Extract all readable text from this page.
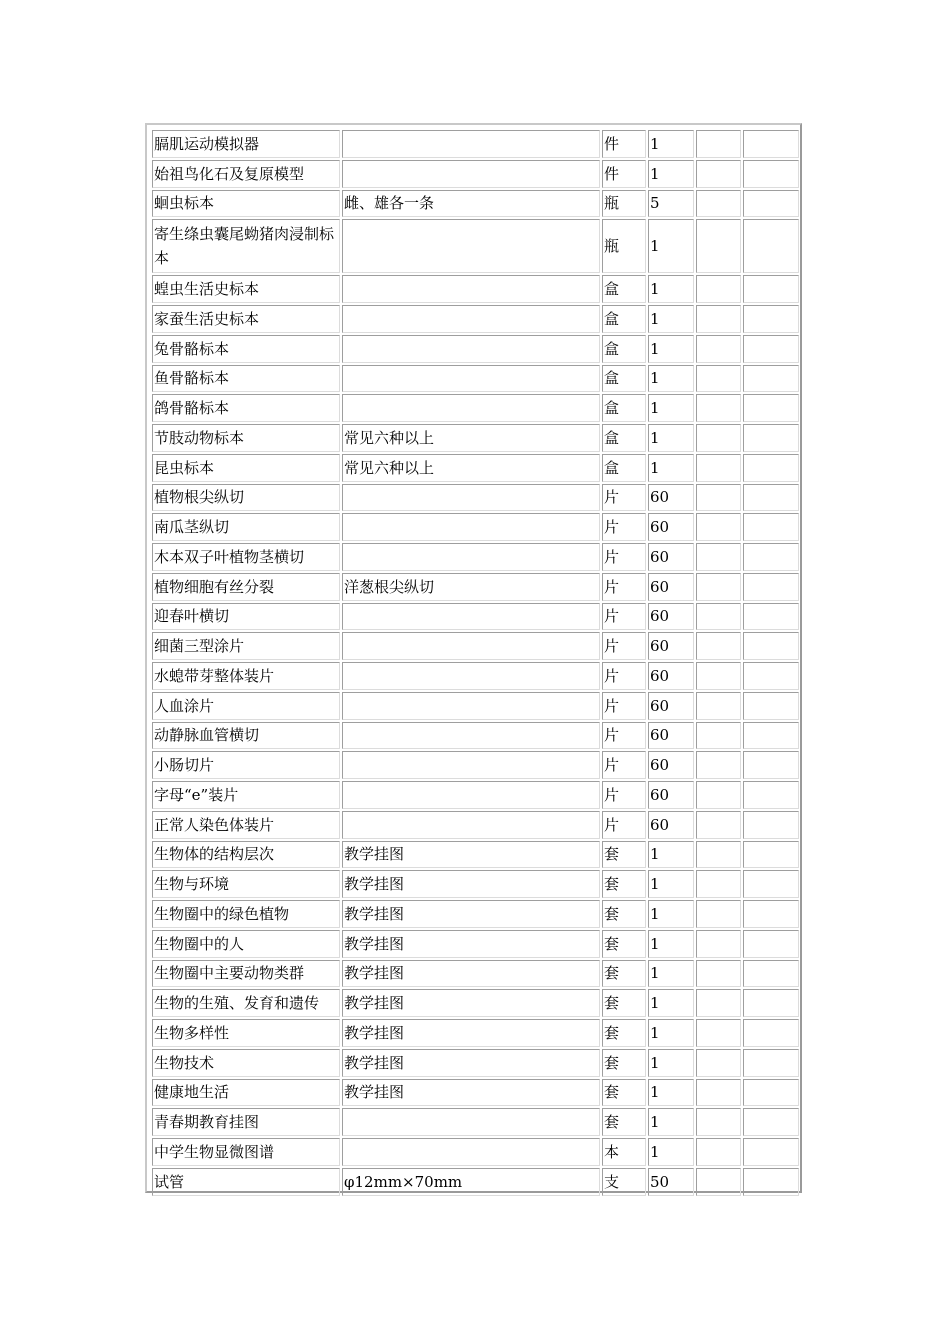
膈肌运动模拟器		件	1		
始祖鸟化石及复原模型		件	1		
蛔虫标本	雌、雄各一条	瓶	5		
寄生绦虫囊尾蚴猪肉浸制标本		瓶	1		
蝗虫生活史标本		盒	1		
家蚕生活史标本		盒	1		
兔骨骼标本		盒	1		
鱼骨骼标本		盒	1		
鸽骨骼标本		盒	1		
节肢动物标本	常见六种以上	盒	1		
昆虫标本	常见六种以上	盒	1		
植物根尖纵切		片	60		
南瓜茎纵切		片	60		
木本双子叶植物茎横切		片	60		
植物细胞有丝分裂	洋葱根尖纵切	片	60		
迎春叶横切		片	60		
细菌三型涂片		片	60		
水螅带芽整体装片		片	60		
人血涂片		片	60		
动静脉血管横切		片	60		
小肠切片		片	60		
字母“e”装片		片	60		
正常人染色体装片		片	60		
生物体的结构层次	教学挂图	套	1		
生物与环境	教学挂图	套	1		
生物圈中的绿色植物	教学挂图	套	1		
生物圈中的人	教学挂图	套	1		
生物圈中主要动物类群	教学挂图	套	1		
生物的生殖、发育和遗传	教学挂图	套	1		
生物多样性	教学挂图	套	1		
生物技术	教学挂图	套	1		
健康地生活	教学挂图	套	1		
青春期教育挂图		套	1		
中学生物显微图谱		本	1		
试管	φ12mm×70mm	支	50		
